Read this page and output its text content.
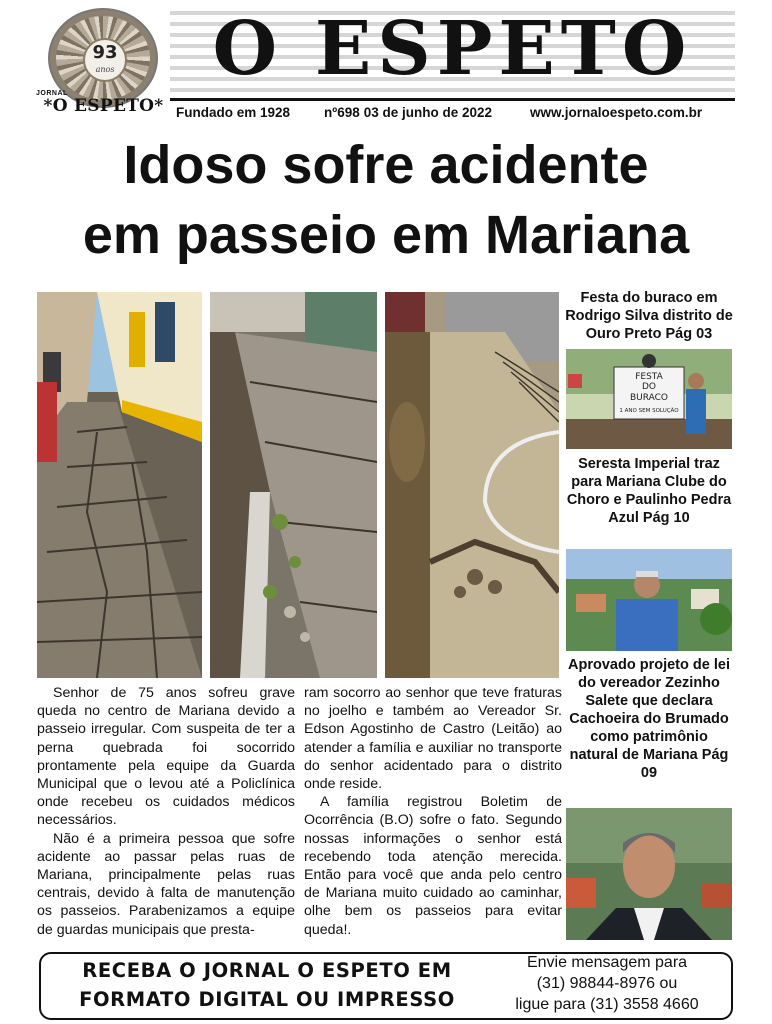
93
anos
JORNAL
*O ESPETO*
O ESPETO
Fundado em 1928	nº698 03 de junho de 2022	www.jornaloespeto.com.br
Idoso sofre acidente
em passeio em Mariana

Senhor de 75 anos sofreu grave queda no centro de Mariana devido a passeio irregular. Com suspeita de ter a perna quebrada foi socorrido prontamente pela equipe da Guarda Municipal que o levou até a Policlínica onde recebeu os cuidados médicos necessários.

Não é a primeira pessoa que sofre acidente ao passar pelas ruas de Mariana, principalmente pelas ruas centrais, devido à falta de manutenção os passeios. Parabenizamos a equipe de guardas municipais que presta-

ram socorro ao senhor que teve fraturas no joelho e também ao Vereador Sr. Edson Agostinho de Castro (Leitão) ao atender a família e auxiliar no transporte do senhor acidentado para o distrito onde reside.

A família registrou Boletim de Ocorrência (B.O) sofre o fato. Segundo nossas informações o senhor está recebendo toda atenção merecida. Então para você que anda pelo centro de Mariana muito cuidado ao caminhar, olhe bem os passeios para evitar queda!.

Festa do buraco em Rodrigo Silva distrito de Ouro Preto Pág 03
FESTA
DO
BURACO
1 ANO SEM SOLUÇÃO
Seresta Imperial traz para Mariana Clube do Choro e Paulinho Pedra Azul Pág 10
Aprovado projeto de lei do vereador Zezinho Salete que declara Cachoeira do Brumado como patrimônio natural de Mariana Pág 09
RECEBA O JORNAL O ESPETO EM
FORMATO DIGITAL OU IMPRESSO
Envie mensagem para
(31) 98844-8976 ou
ligue para (31) 3558 4660
